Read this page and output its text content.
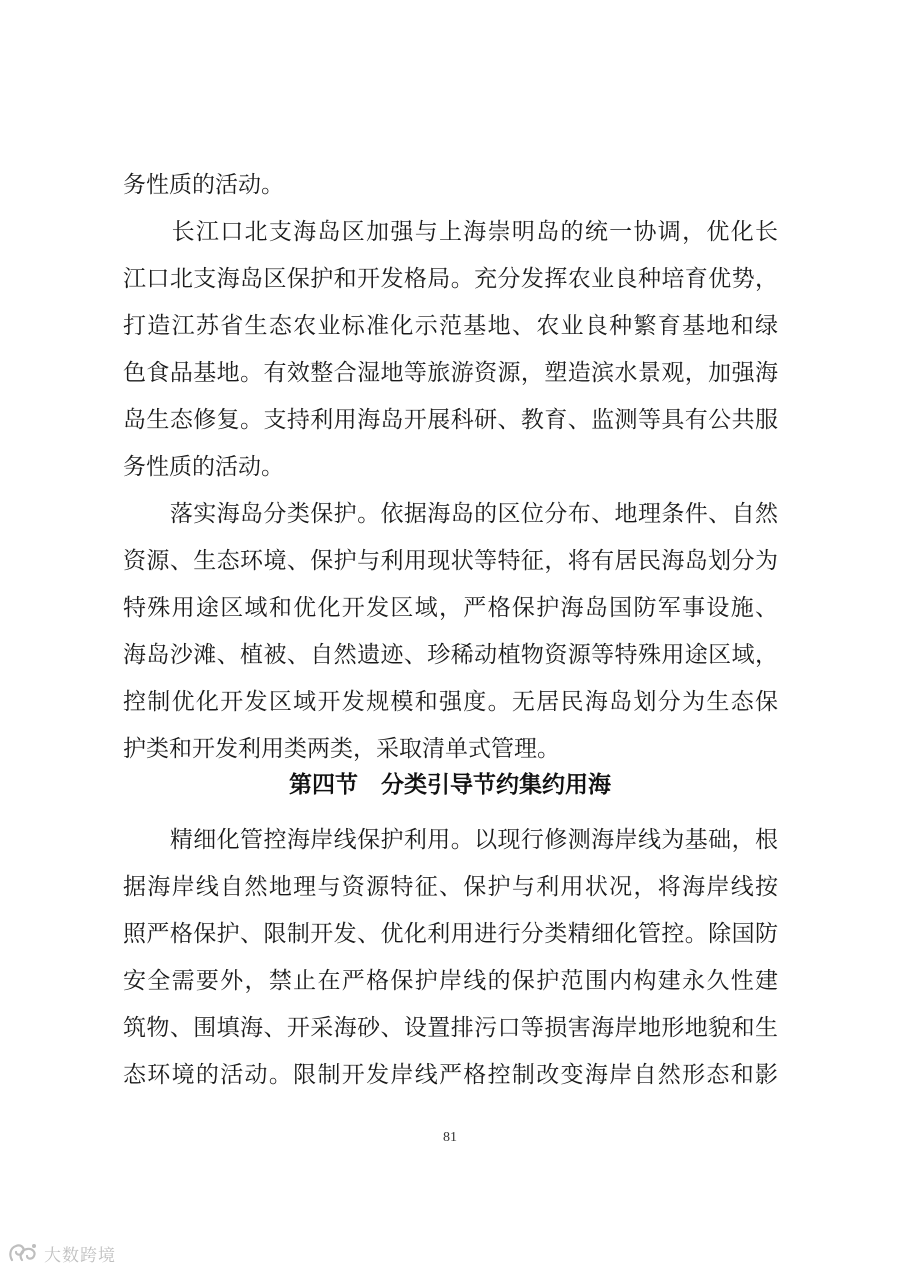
务性质的活动。
　　长江口北支海岛区加强与上海崇明岛的统一协调，优化长
江口北支海岛区保护和开发格局。充分发挥农业良种培育优势，
打造江苏省生态农业标准化示范基地、农业良种繁育基地和绿
色食品基地。有效整合湿地等旅游资源，塑造滨水景观，加强海
岛生态修复。支持利用海岛开展科研、教育、监测等具有公共服
务性质的活动。
　　落实海岛分类保护。依据海岛的区位分布、地理条件、自然
资源、生态环境、保护与利用现状等特征，将有居民海岛划分为
特殊用途区域和优化开发区域，严格保护海岛国防军事设施、
海岛沙滩、植被、自然遗迹、珍稀动植物资源等特殊用途区域，
控制优化开发区域开发规模和强度。无居民海岛划分为生态保
护类和开发利用类两类，采取清单式管理。
第四节　分类引导节约集约用海
　　精细化管控海岸线保护利用。以现行修测海岸线为基础，根
据海岸线自然地理与资源特征、保护与利用状况，将海岸线按
照严格保护、限制开发、优化利用进行分类精细化管控。除国防
安全需要外，禁止在严格保护岸线的保护范围内构建永久性建
筑物、围填海、开采海砂、设置排污口等损害海岸地形地貌和生
态环境的活动。限制开发岸线严格控制改变海岸自然形态和影
81
大数跨境
